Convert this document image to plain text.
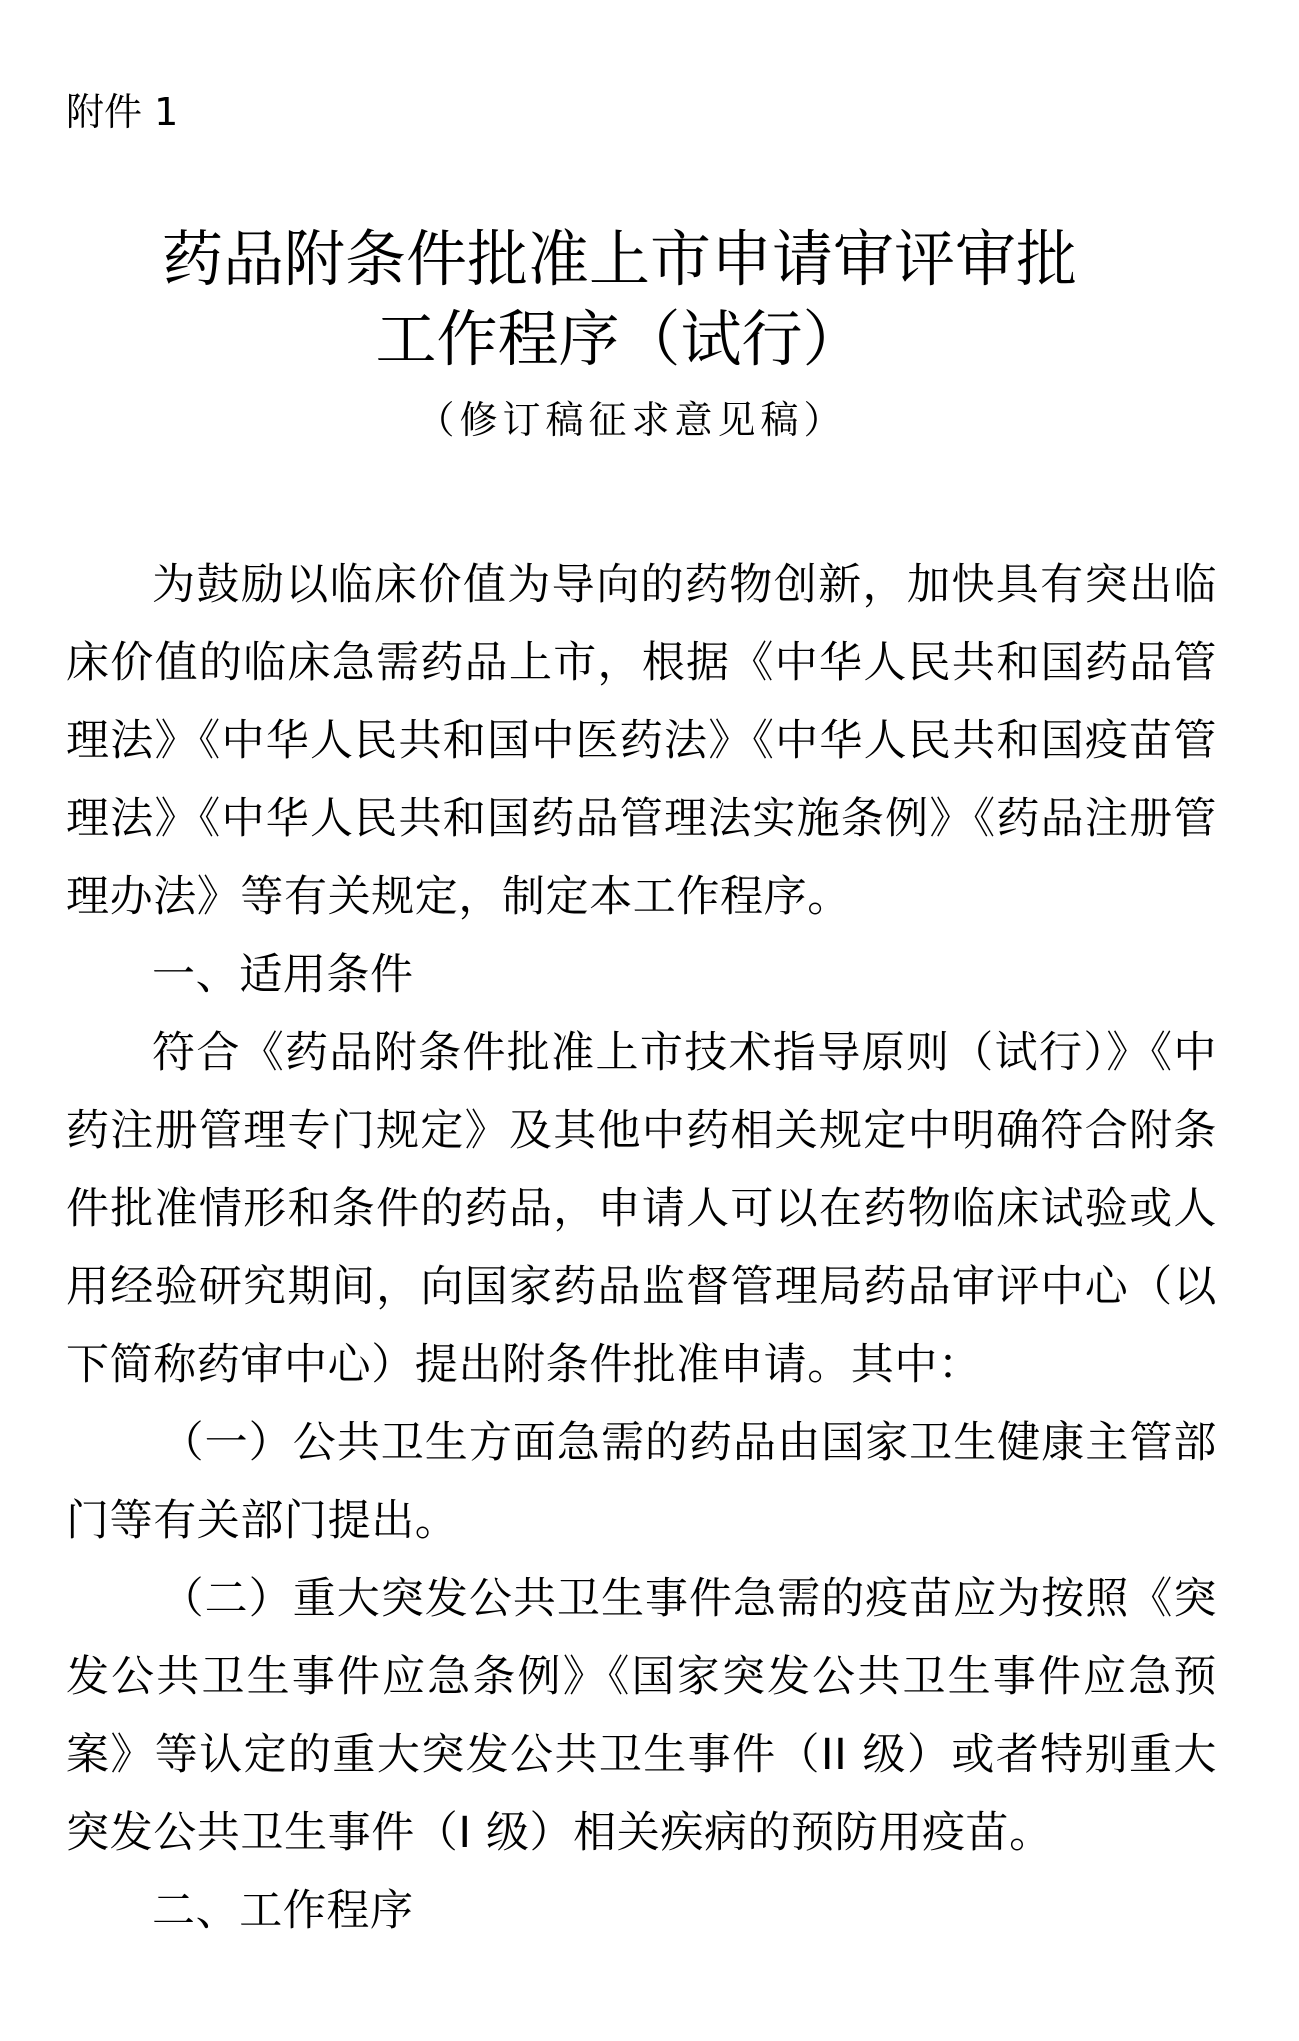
附件 1
药品附条件批准上市申请审评审批
工作程序（试行）
（修订稿征求意见稿）

为鼓励以临床价值为导向的药物创新，加快具有突出临床价值的临床急需药品上市，根据《中华人民共和国药品管理法》《中华人民共和国中医药法》《中华人民共和国疫苗管理法》《中华人民共和国药品管理法实施条例》《药品注册管理办法》等有关规定，制定本工作程序。

一、适用条件

符合《药品附条件批准上市技术指导原则（试行）》《中药注册管理专门规定》及其他中药相关规定中明确符合附条件批准情形和条件的药品，申请人可以在药物临床试验或人用经验研究期间，向国家药品监督管理局药品审评中心（以下简称药审中心）提出附条件批准申请。其中：

（一）公共卫生方面急需的药品由国家卫生健康主管部门等有关部门提出。

（二）重大突发公共卫生事件急需的疫苗应为按照《突发公共卫生事件应急条例》《国家突发公共卫生事件应急预案》等认定的重大突发公共卫生事件（II 级）或者特别重大突发公共卫生事件（I 级）相关疾病的预防用疫苗。

二、工作程序
